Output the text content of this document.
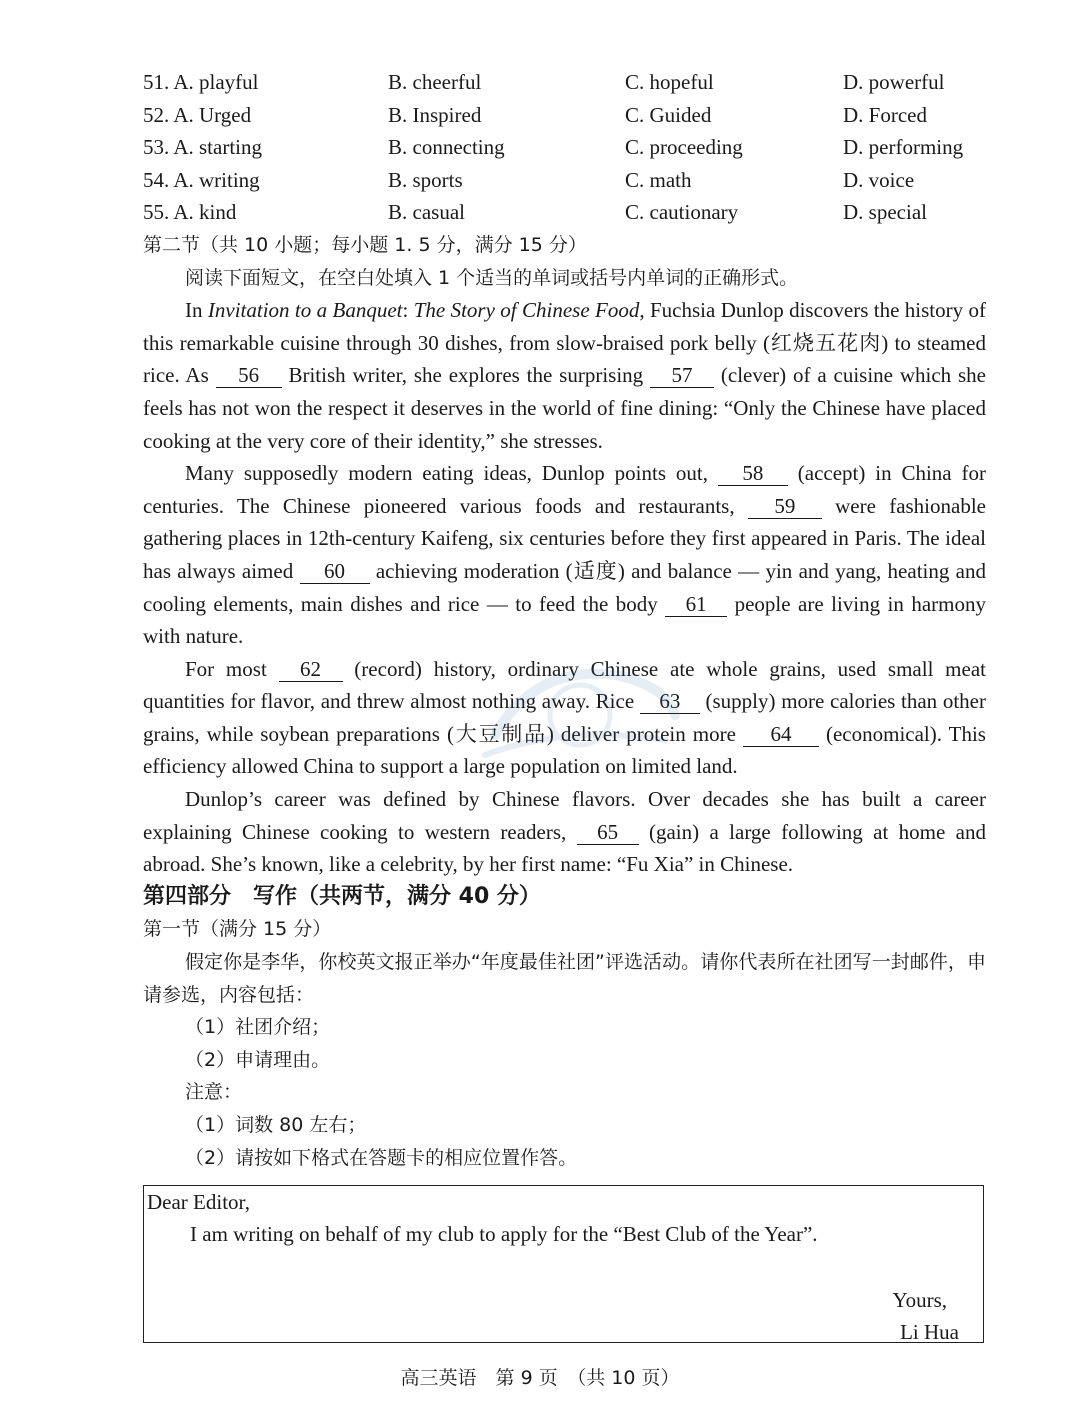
51. A. playful	B. cheerful	C. hopeful	D. powerful
52. A. Urged	B. Inspired	C. Guided	D. Forced
53. A. starting	B. connecting	C. proceeding	D. performing
54. A. writing	B. sports	C. math	D. voice
55. A. kind	B. casual	C. cautionary	D. special
第二节（共 10 小题；每小题 1. 5 分，满分 15 分）
阅读下面短文，在空白处填入 1 个适当的单词或括号内单词的正确形式。

In Invitation to a Banquet: The Story of Chinese Food, Fuchsia Dunlop discovers the history of this remarkable cuisine through 30 dishes, from slow-braised pork belly (红烧五花肉) to steamed rice. As 56 British writer, she explores the surprising 57 (clever) of a cuisine which she feels has not won the respect it deserves in the world of fine dining: “Only the Chinese have placed cooking at the very core of their identity,” she stresses.

Many supposedly modern eating ideas, Dunlop points out, 58 (accept) in China for centuries. The Chinese pioneered various foods and restaurants, 59 were fashionable gathering places in 12th-century Kaifeng, six centuries before they first appeared in Paris. The ideal has always aimed 60 achieving moderation (适度) and balance — yin and yang, heating and cooling elements, main dishes and rice — to feed the body 61 people are living in harmony with nature.

For most 62 (record) history, ordinary Chinese ate whole grains, used small meat quantities for flavor, and threw almost nothing away. Rice 63 (supply) more calories than other grains, while soybean preparations (大豆制品) deliver protein more 64 (economical). This efficiency allowed China to support a large population on limited land.

Dunlop’s career was defined by Chinese flavors. Over decades she has built a career explaining Chinese cooking to western readers, 65 (gain) a large following at home and abroad. She’s known, like a celebrity, by her first name: “Fu Xia” in Chinese.

第四部分　写作（共两节，满分 40 分）
第一节（满分 15 分）

假定你是李华，你校英文报正举办“年度最佳社团”评选活动。请你代表所在社团写一封邮件，申请参选，内容包括：

（1）社团介绍；
（2）申请理由。
注意：
（1）词数 80 左右；
（2）请按如下格式在答题卡的相应位置作答。
Dear Editor,
I am writing on behalf of my club to apply for the “Best Club of the Year”.
Yours,
Li Hua
高三英语　第 9 页　（共 10 页）
